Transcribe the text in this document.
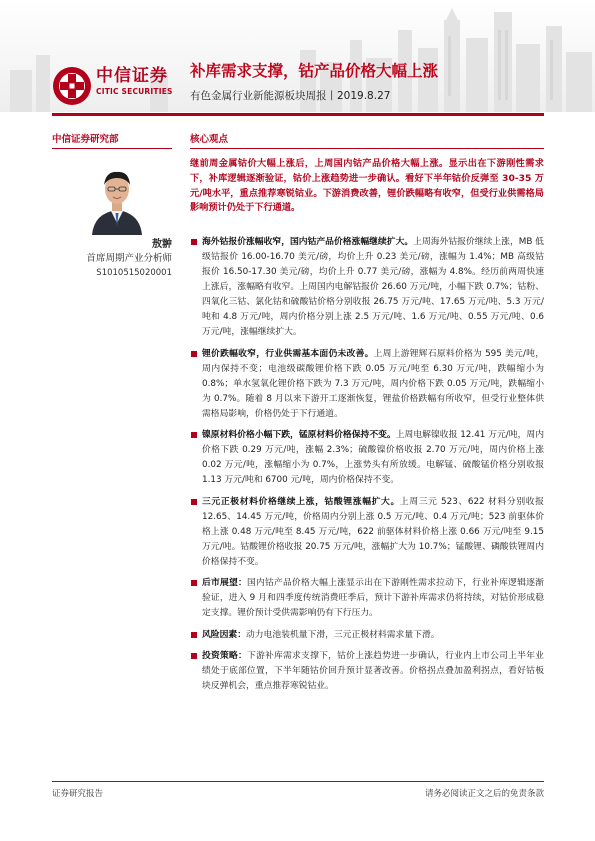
中信证券
CITIC SECURITIES
补库需求支撑，钴产品价格大幅上涨
有色金属行业新能源板块周报丨2019.8.27
中信证券研究部	核心观点
敖翀
首席周期产业分析师
S1010515020001
继前周金属钴价大幅上涨后，上周国内钴产品价格大幅上涨。显示出在下游刚性需求下，补库逻辑逐渐验证，钴价上涨趋势进一步确认。看好下半年钴价反弹至 30-35 万元/吨水平，重点推荐寒锐钴业。下游消费改善，锂价跌幅略有收窄，但受行业供需格局影响预计仍处于下行通道。
海外钴报价涨幅收窄，国内钴产品价格涨幅继续扩大。上周海外钴报价继续上涨，MB 低级钴报价 16.00-16.70 美元/磅，均价上升 0.23 美元/磅，涨幅为 1.4%；MB 高级钴报价 16.50-17.30 美元/磅，均价上升 0.77 美元/磅，涨幅为 4.8%。经历前两周快速上涨后，涨幅略有收窄。上周国内电解钴报价 26.60 万元/吨，小幅下跌 0.7%；钴粉、四氧化三钴、氯化钴和硫酸钴价格分别收报 26.75 万元/吨、17.65 万元/吨、5.3 万元/吨和 4.8 万元/吨，周内价格分别上涨 2.5 万元/吨、1.6 万元/吨、0.55 万元/吨、0.6 万元/吨，涨幅继续扩大。
锂价跌幅收窄，行业供需基本面仍未改善。上周上游锂辉石原料价格为 595 美元/吨，周内保持不变；电池级碳酸锂价格下跌 0.05 万元/吨至 6.30 万元/吨，跌幅缩小为 0.8%；单水氢氧化锂价格下跌为 7.3 万元/吨，周内价格下跌 0.05 万元/吨，跌幅缩小为 0.7%。随着 8 月以来下游开工逐渐恢复，锂盐价格跌幅有所收窄，但受行业整体供需格局影响，价格仍处于下行通道。
镍原材料价格小幅下跌，锰原材料价格保持不变。上周电解镍收报 12.41 万元/吨，周内价格下跌 0.29 万元/吨，涨幅 2.3%；硫酸镍价格收报 2.70 万元/吨，周内价格上涨 0.02 万元/吨，涨幅缩小为 0.7%，上涨势头有所放缓。电解锰、硫酸锰价格分别收报 1.13 万元/吨和 6700 元/吨，周内价格保持不变。
三元正极材料价格继续上涨，钴酸锂涨幅扩大。上周三元 523、622 材料分别收报 12.65、14.45 万元/吨，价格周内分别上涨 0.5 万元/吨、0.4 万元/吨；523 前驱体价格上涨 0.48 万元/吨至 8.45 万元/吨，622 前驱体材料价格上涨 0.66 万元/吨至 9.15 万元/吨。钴酸锂价格收报 20.75 万元/吨，涨幅扩大为 10.7%；锰酸锂、磷酸铁锂周内价格保持不变。
后市展望：国内钴产品价格大幅上涨显示出在下游刚性需求拉动下，行业补库逻辑逐渐验证，进入 9 月和四季度传统消费旺季后，预计下游补库需求仍将持续，对钴价形成稳定支撑。锂价预计受供需影响仍有下行压力。
风险因素：动力电池装机量下滑，三元正极材料需求量下滑。
投资策略：下游补库需求支撑下，钴价上涨趋势进一步确认，行业内上市公司上半年业绩处于底部位置，下半年随钴价回升预计显著改善。价格拐点叠加盈利拐点，看好钴板块反弹机会，重点推荐寒锐钴业。
证券研究报告	请务必阅读正文之后的免责条款
